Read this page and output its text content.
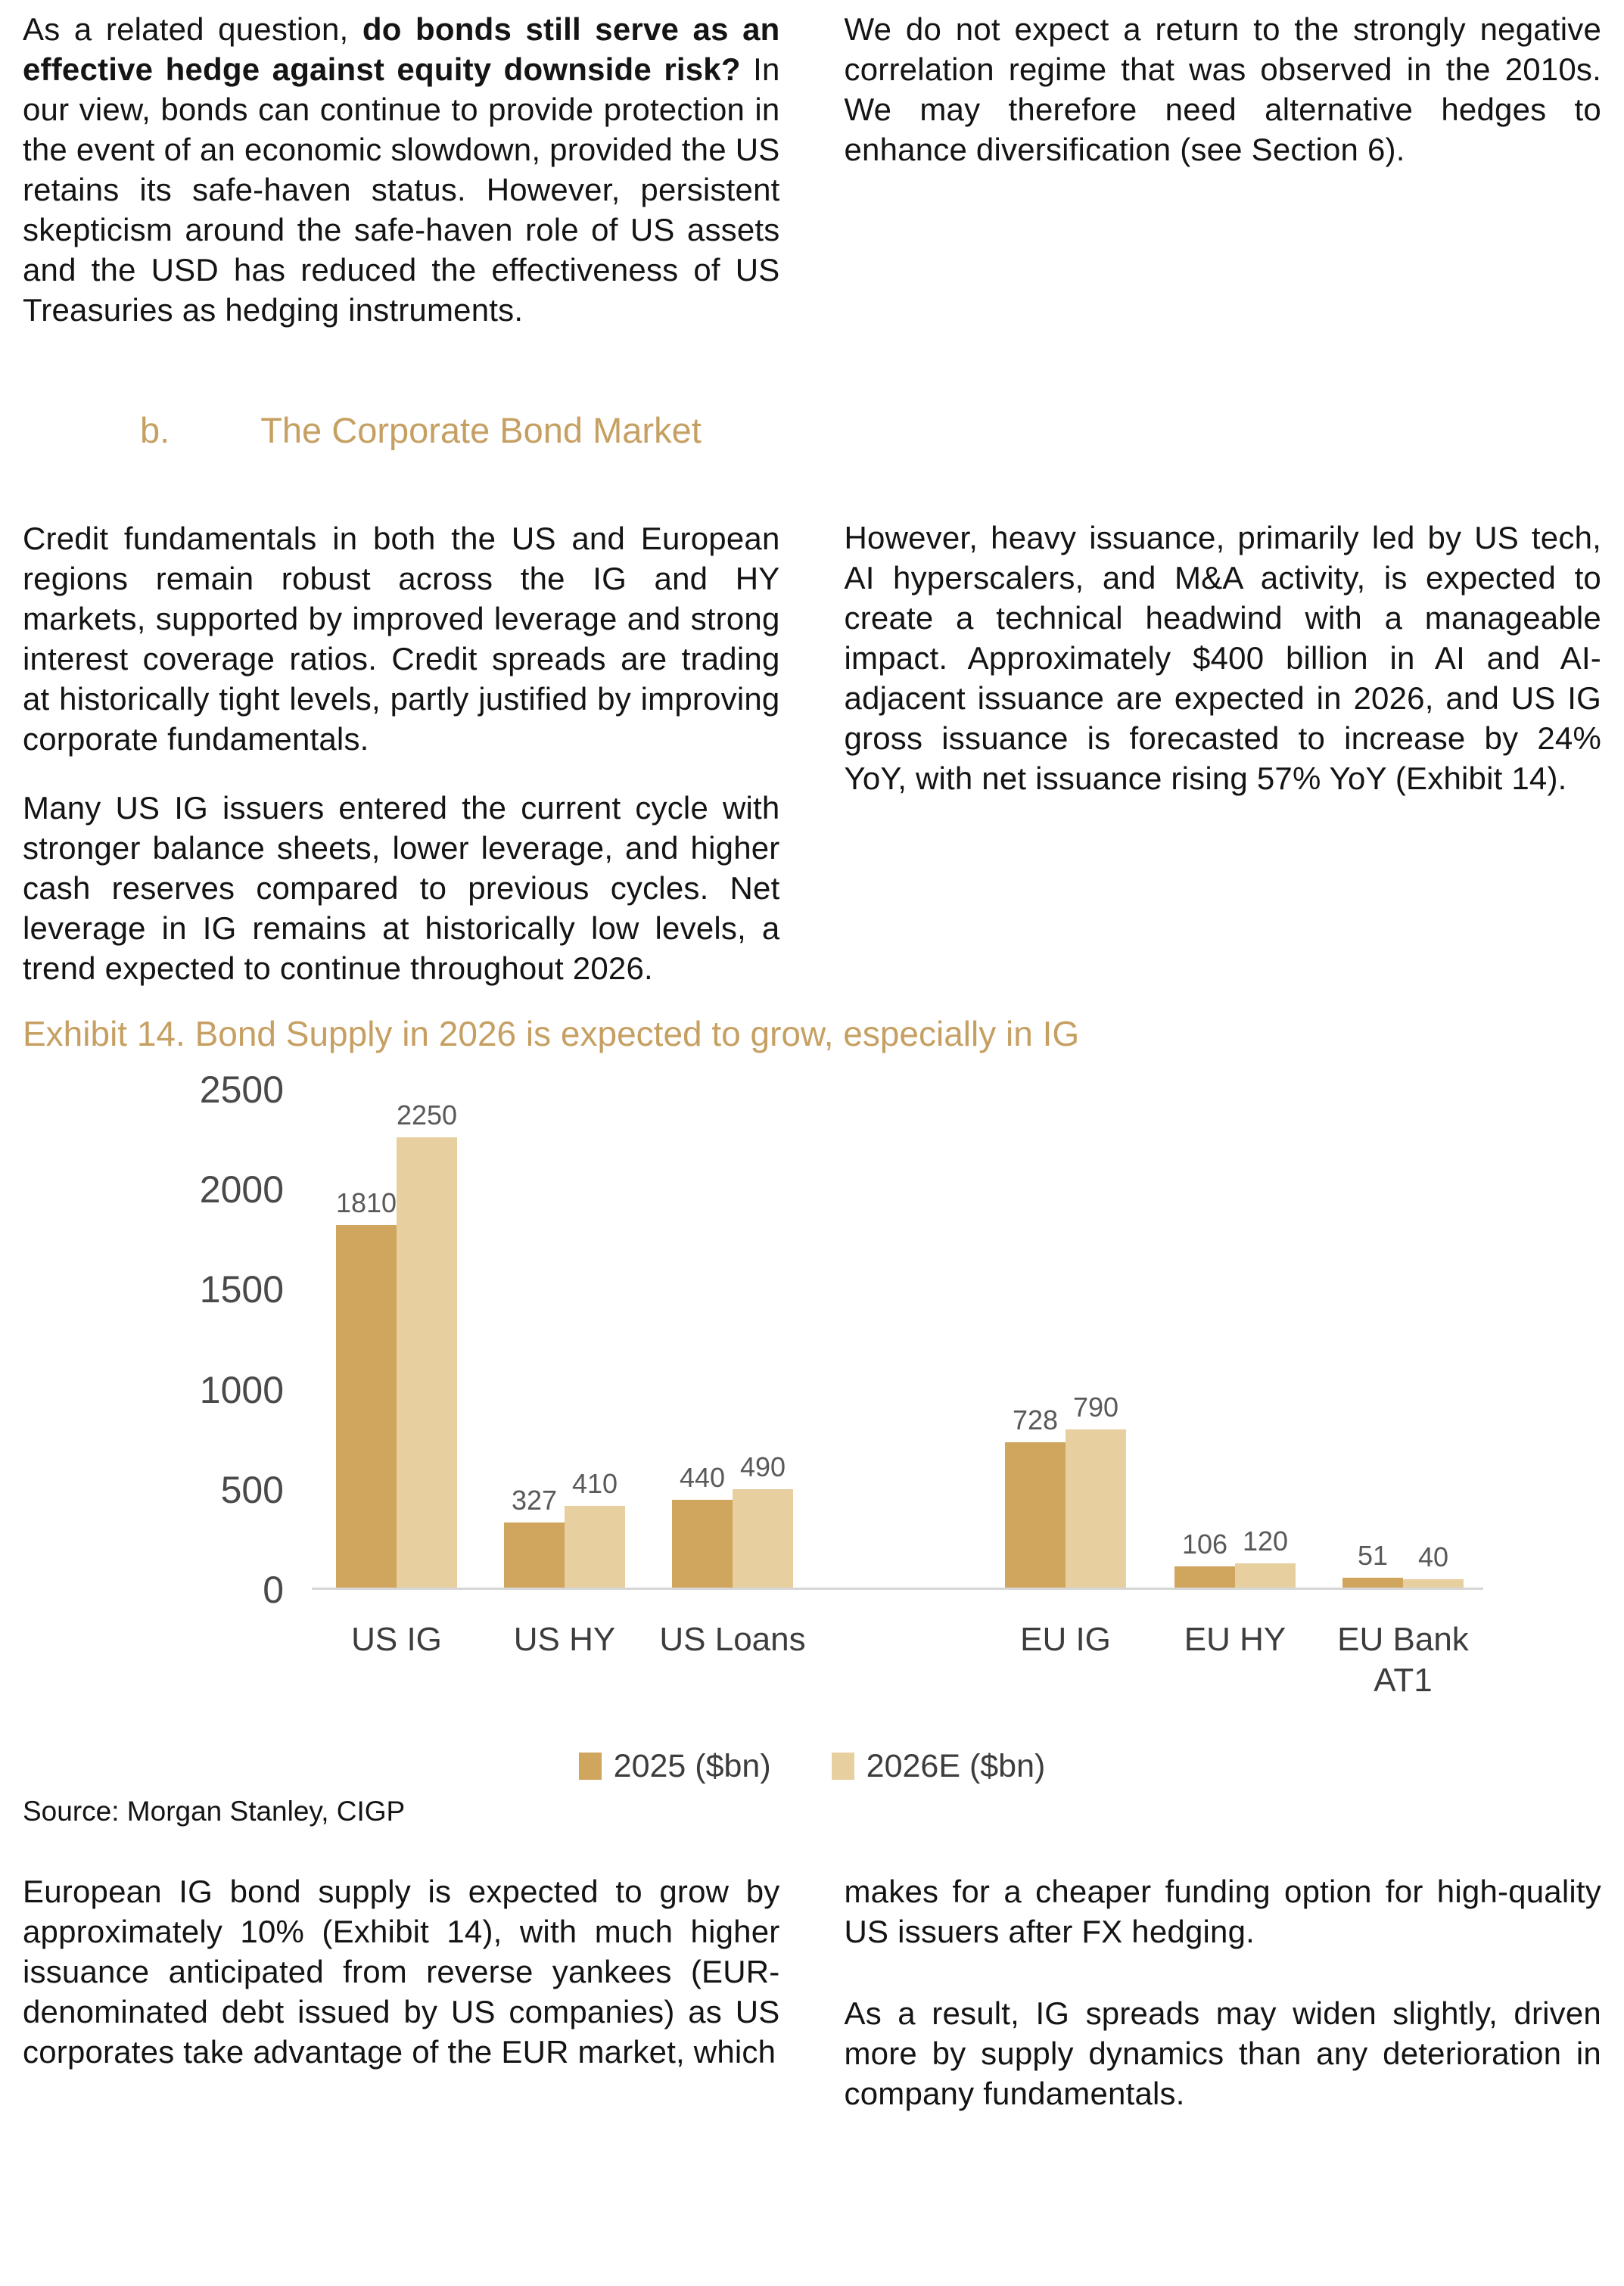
As a related question, do bonds still serve as an effective hedge against equity downside risk? In our view, bonds can continue to provide protection in the event of an economic slowdown, provided the US retains its safe-haven status. However, persistent skepticism around the safe-haven role of US assets and the USD has reduced the effectiveness of US Treasuries as hedging instruments.

b.	The Corporate Bond Market

Credit fundamentals in both the US and European regions remain robust across the IG and HY markets, supported by improved leverage and strong interest coverage ratios. Credit spreads are trading at historically tight levels, partly justified by improving corporate fundamentals.

Many US IG issuers entered the current cycle with stronger balance sheets, lower leverage, and higher cash reserves compared to previous cycles. Net leverage in IG remains at historically low levels, a trend expected to continue throughout 2026.

We do not expect a return to the strongly negative correlation regime that was observed in the 2010s. We may therefore need alternative hedges to enhance diversification (see Section 6).

However, heavy issuance, primarily led by US tech, AI hyperscalers, and M&A activity, is expected to create a technical headwind with a manageable impact. Approximately $400 billion in AI and AI-adjacent issuance are expected in 2026, and US IG gross issuance is forecasted to increase by 24% YoY, with net issuance rising 57% YoY (Exhibit 14).

Exhibit 14. Bond Supply in 2026 is expected to grow, especially in IG
0
500
1000
1500
2000
2500
1810
2250
US IG
327
410
US HY
440 490
US Loans
728 790
EU IG
106 120
EU HY
51 40
EU Bank AT1
2025 ($bn)	2026E ($bn)
Source: Morgan Stanley, CIGP

European IG bond supply is expected to grow by approximately 10% (Exhibit 14), with much higher issuance anticipated from reverse yankees (EUR-denominated debt issued by US companies) as US corporates take advantage of the EUR market, which

makes for a cheaper funding option for high-quality US issuers after FX hedging.

As a result, IG spreads may widen slightly, driven more by supply dynamics than any deterioration in company fundamentals.
